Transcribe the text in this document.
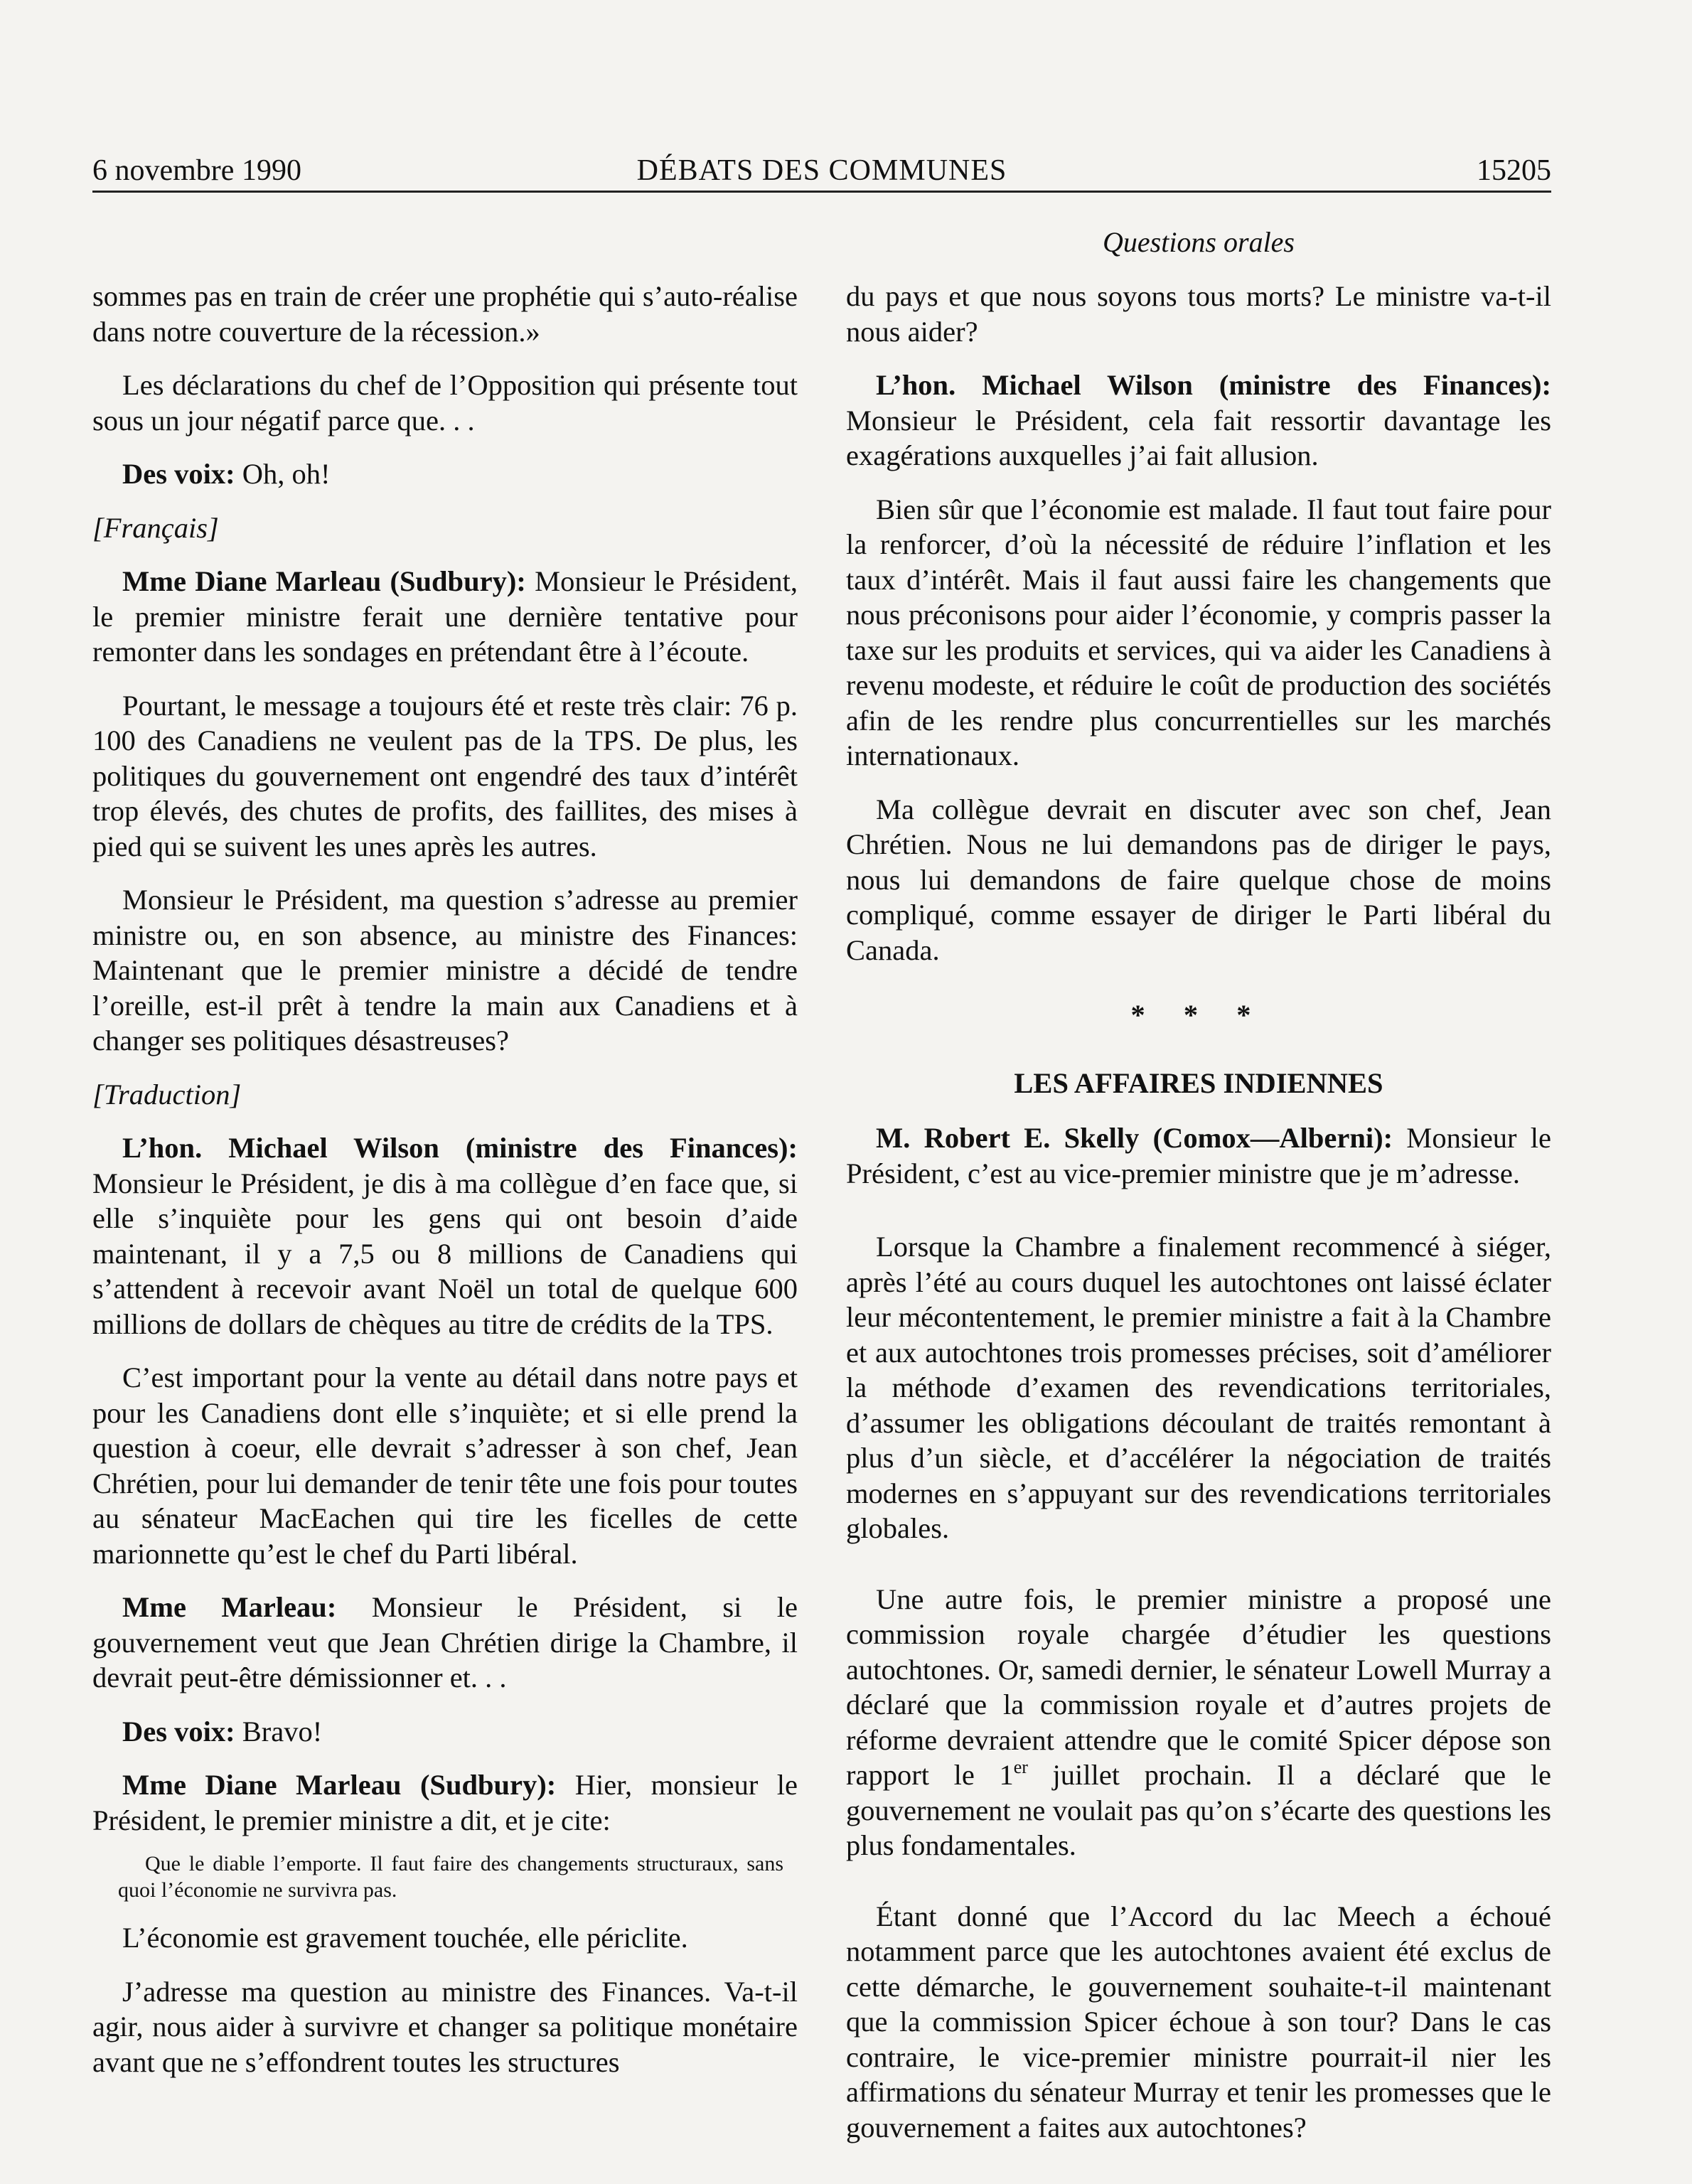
6 novembre 1990	DÉBATS DES COMMUNES	15205
Questions orales

sommes pas en train de créer une prophétie qui s’auto-réalise dans notre couverture de la récession.»

Les déclarations du chef de l’Opposition qui présente tout sous un jour négatif parce que. . .

Des voix: Oh, oh!

[Français]

Mme Diane Marleau (Sudbury): Monsieur le Président, le premier ministre ferait une dernière tentative pour remonter dans les sondages en prétendant être à l’écoute.

Pourtant, le message a toujours été et reste très clair: 76 p. 100 des Canadiens ne veulent pas de la TPS. De plus, les politiques du gouvernement ont engendré des taux d’intérêt trop élevés, des chutes de profits, des faillites, des mises à pied qui se suivent les unes après les autres.

Monsieur le Président, ma question s’adresse au premier ministre ou, en son absence, au ministre des Finances: Maintenant que le premier ministre a décidé de tendre l’oreille, est-il prêt à tendre la main aux Canadiens et à changer ses politiques désastreuses?

[Traduction]

L’hon. Michael Wilson (ministre des Finances): Monsieur le Président, je dis à ma collègue d’en face que, si elle s’inquiète pour les gens qui ont besoin d’aide maintenant, il y a 7,5 ou 8 millions de Canadiens qui s’attendent à recevoir avant Noël un total de quelque 600 millions de dollars de chèques au titre de crédits de la TPS.

C’est important pour la vente au détail dans notre pays et pour les Canadiens dont elle s’inquiète; et si elle prend la question à coeur, elle devrait s’adresser à son chef, Jean Chrétien, pour lui demander de tenir tête une fois pour toutes au sénateur MacEachen qui tire les ficelles de cette marionnette qu’est le chef du Parti libéral.

Mme Marleau: Monsieur le Président, si le gouvernement veut que Jean Chrétien dirige la Chambre, il devrait peut-être démissionner et. . .

Des voix: Bravo!

Mme Diane Marleau (Sudbury): Hier, monsieur le Président, le premier ministre a dit, et je cite:

Que le diable l’emporte. Il faut faire des changements structuraux, sans quoi l’économie ne survivra pas.

L’économie est gravement touchée, elle périclite.

J’adresse ma question au ministre des Finances. Va-t-il agir, nous aider à survivre et changer sa politique monétaire avant que ne s’effondrent toutes les structures

du pays et que nous soyons tous morts? Le ministre va-t-il nous aider?

L’hon. Michael Wilson (ministre des Finances): Monsieur le Président, cela fait ressortir davantage les exagérations auxquelles j’ai fait allusion.

Bien sûr que l’économie est malade. Il faut tout faire pour la renforcer, d’où la nécessité de réduire l’inflation et les taux d’intérêt. Mais il faut aussi faire les changements que nous préconisons pour aider l’économie, y compris passer la taxe sur les produits et services, qui va aider les Canadiens à revenu modeste, et réduire le coût de production des sociétés afin de les rendre plus concurrentielles sur les marchés internationaux.

Ma collègue devrait en discuter avec son chef, Jean Chrétien. Nous ne lui demandons pas de diriger le pays, nous lui demandons de faire quelque chose de moins compliqué, comme essayer de diriger le Parti libéral du Canada.

* * *

LES AFFAIRES INDIENNES

M. Robert E. Skelly (Comox—Alberni): Monsieur le Président, c’est au vice-premier ministre que je m’adresse.

Lorsque la Chambre a finalement recommencé à siéger, après l’été au cours duquel les autochtones ont laissé éclater leur mécontentement, le premier ministre a fait à la Chambre et aux autochtones trois promesses précises, soit d’améliorer la méthode d’examen des revendications territoriales, d’assumer les obligations découlant de traités remontant à plus d’un siècle, et d’accélérer la négociation de traités modernes en s’appuyant sur des revendications territoriales globales.

Une autre fois, le premier ministre a proposé une commission royale chargée d’étudier les questions autochtones. Or, samedi dernier, le sénateur Lowell Murray a déclaré que la commission royale et d’autres projets de réforme devraient attendre que le comité Spicer dépose son rapport le 1er juillet prochain. Il a déclaré que le gouvernement ne voulait pas qu’on s’écarte des questions les plus fondamentales.

Étant donné que l’Accord du lac Meech a échoué notamment parce que les autochtones avaient été exclus de cette démarche, le gouvernement souhaite-t-il maintenant que la commission Spicer échoue à son tour? Dans le cas contraire, le vice-premier ministre pourrait-il nier les affirmations du sénateur Murray et tenir les promesses que le gouvernement a faites aux autochtones?
